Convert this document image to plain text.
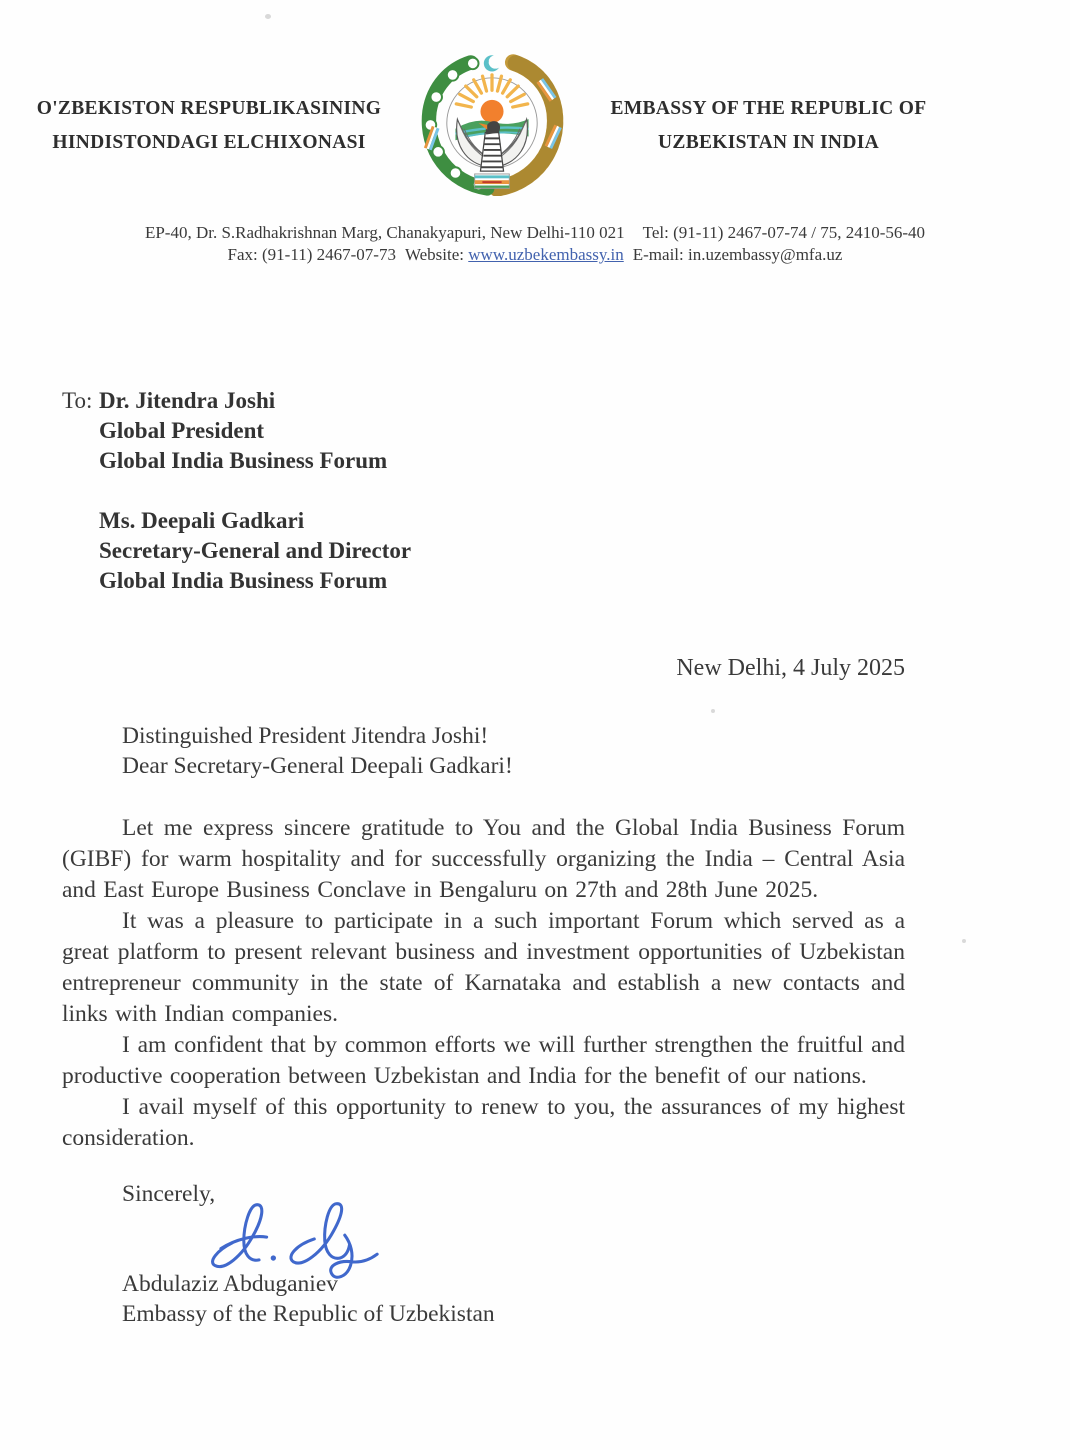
O'ZBEKISTON RESPUBLIKASINING
HINDISTONDAGI ELCHIXONASI
EMBASSY OF THE REPUBLIC OF
UZBEKISTAN IN INDIA
EP-40, Dr. S.Radhakrishnan Marg, Chanakyapuri, New Delhi-110 021 Tel: (91-11) 2467-07-74 / 75, 2410-56-40
Fax: (91-11) 2467-07-73 Website: www.uzbekembassy.in E-mail: in.uzembassy@mfa.uz
To: Dr. Jitendra Joshi
Global President
Global India Business Forum
Ms. Deepali Gadkari
Secretary-General and Director
Global India Business Forum
New Delhi, 4 July 2025
Distinguished President Jitendra Joshi!
Dear Secretary-General Deepali Gadkari!

Let me express sincere gratitude to You and the Global India Business Forum (GIBF) for warm hospitality and for successfully organizing the India – Central Asia and East Europe Business Conclave in Bengaluru on 27th and 28th June 2025.

It was a pleasure to participate in a such important Forum which served as a great platform to present relevant business and investment opportunities of Uzbekistan entrepreneur community in the state of Karnataka and establish a new contacts and links with Indian companies.

I am confident that by common efforts we will further strengthen the fruitful and productive cooperation between Uzbekistan and India for the benefit of our nations.

I avail myself of this opportunity to renew to you, the assurances of my highest consideration.

Sincerely,
Abdulaziz Abduganiev
Embassy of the Republic of Uzbekistan
